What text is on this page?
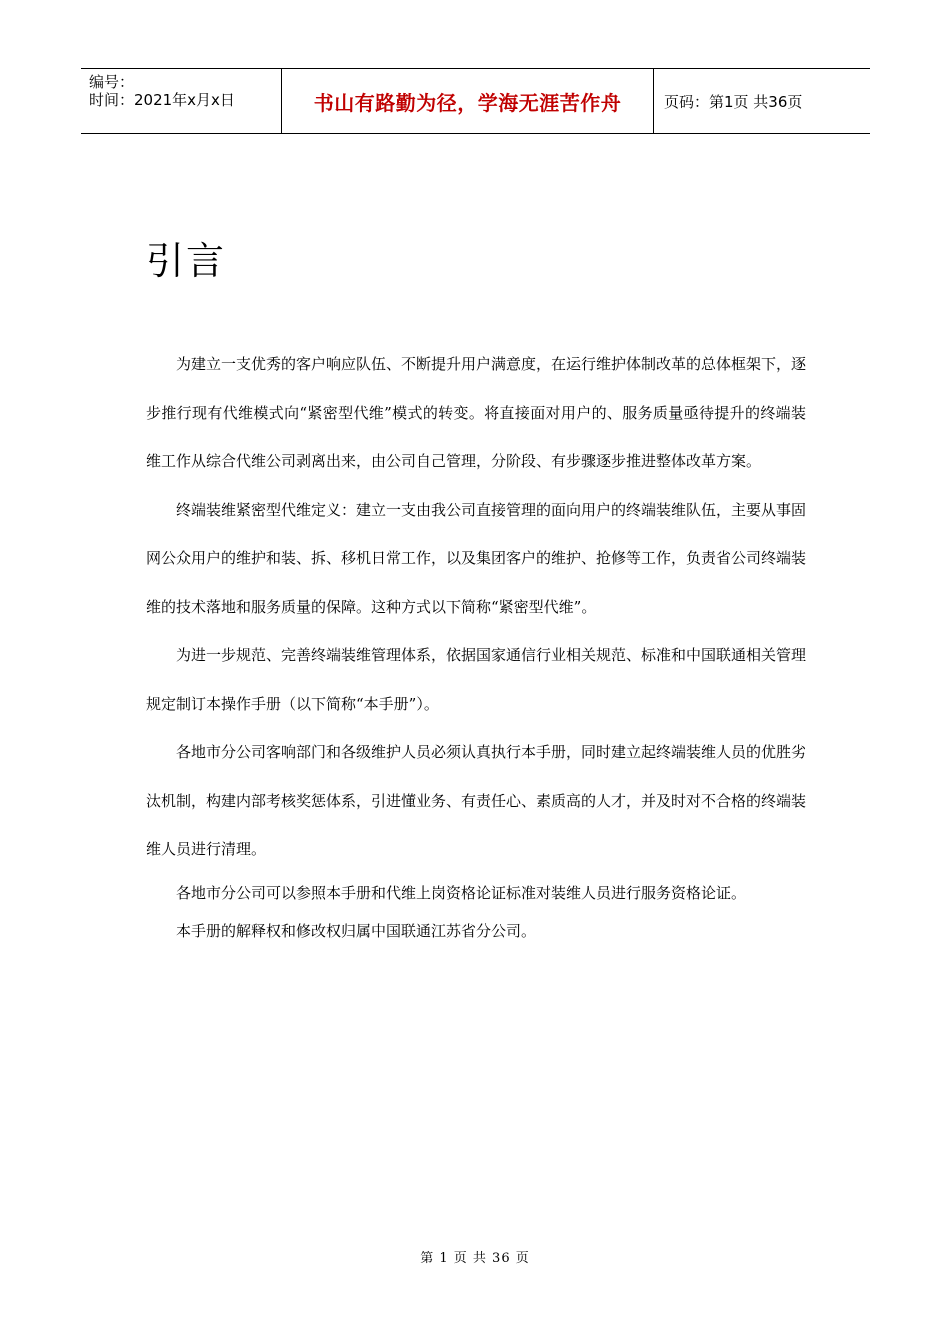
编号：
时间：2021年x月x日	书山有路勤为径，学海无涯苦作舟	页码：第1页 共36页
引言

为建立一支优秀的客户响应队伍、不断提升用户满意度，在运行维护体制改革的总体框架下，逐步推行现有代维模式向“紧密型代维”模式的转变。将直接面对用户的、服务质量亟待提升的终端装维工作从综合代维公司剥离出来，由公司自己管理，分阶段、有步骤逐步推进整体改革方案。

终端装维紧密型代维定义：建立一支由我公司直接管理的面向用户的终端装维队伍，主要从事固网公众用户的维护和装、拆、移机日常工作，以及集团客户的维护、抢修等工作，负责省公司终端装维的技术落地和服务质量的保障。这种方式以下简称“紧密型代维”。

为进一步规范、完善终端装维管理体系，依据国家通信行业相关规范、标准和中国联通相关管理规定制订本操作手册（以下简称“本手册”）。

各地市分公司客响部门和各级维护人员必须认真执行本手册，同时建立起终端装维人员的优胜劣汰机制，构建内部考核奖惩体系，引进懂业务、有责任心、素质高的人才，并及时对不合格的终端装维人员进行清理。

各地市分公司可以参照本手册和代维上岗资格论证标准对装维人员进行服务资格论证。

本手册的解释权和修改权归属中国联通江苏省分公司。

第 1 页 共 36 页
